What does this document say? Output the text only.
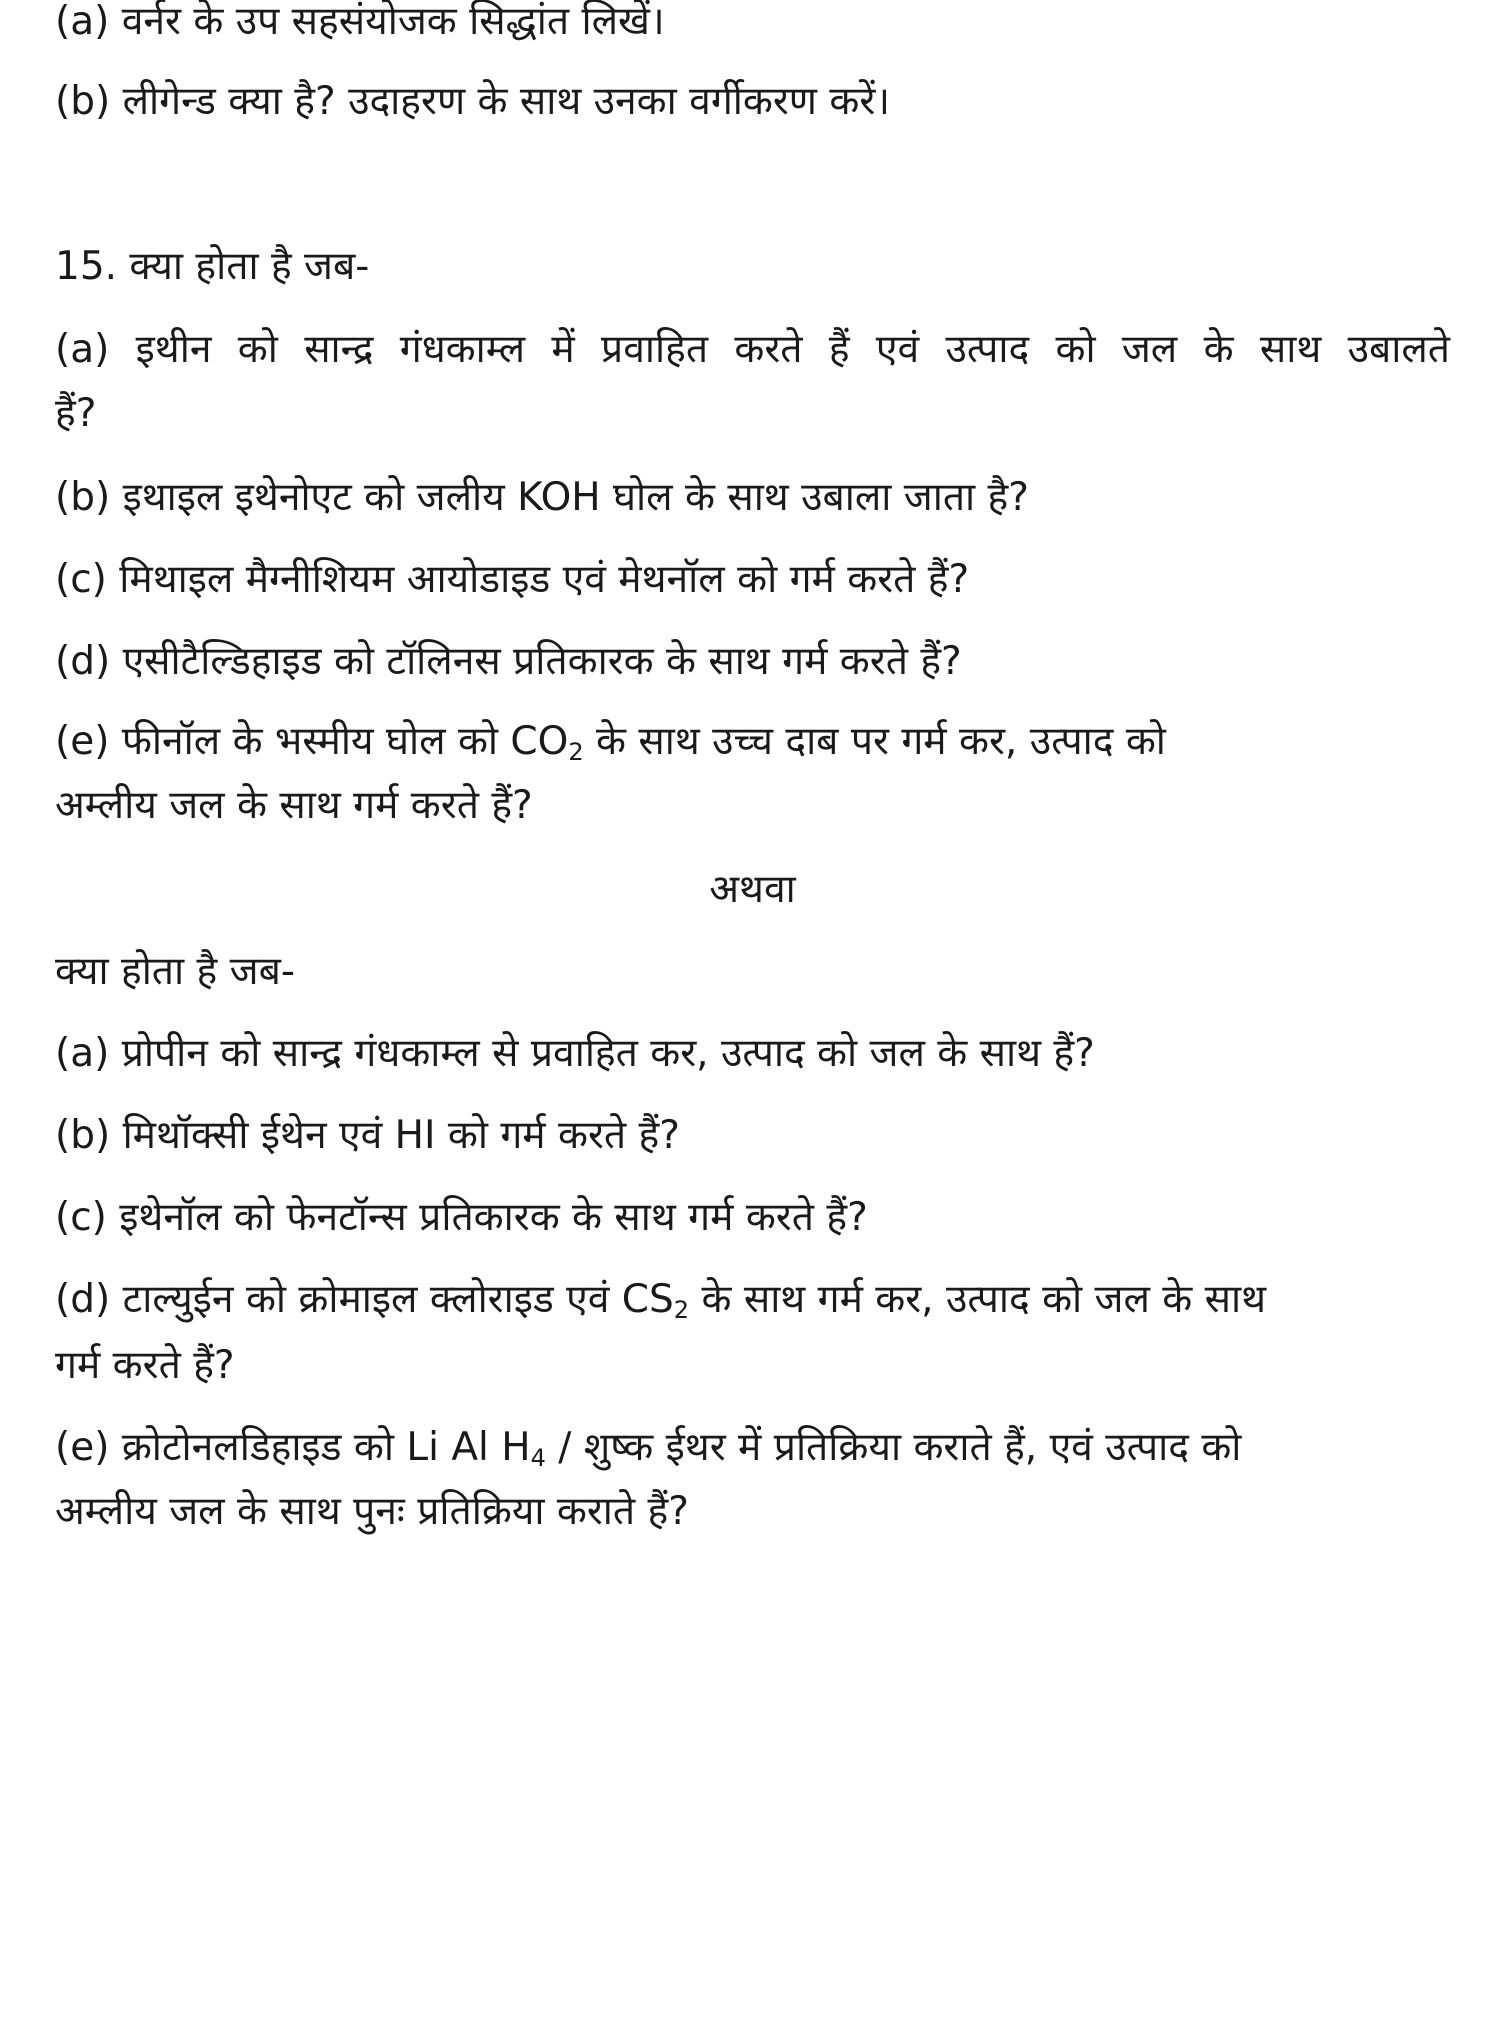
(a) वर्नर के उप सहसंयोजक सिद्धांत लिखें।
(b) लीगेन्ड क्या है? उदाहरण के साथ उनका वर्गीकरण करें।
15. क्या होता है जब-
(a) इथीन को सान्द्र गंधकाम्ल में प्रवाहित करते हैं एवं उत्पाद को जल के साथ उबालते
हैं?
(b) इथाइल इथेनोएट को जलीय KOH घोल के साथ उबाला जाता है?
(c) मिथाइल मैग्नीशियम आयोडाइड एवं मेथनॉल को गर्म करते हैं?
(d) एसीटैल्डिहाइड को टॉलिनस प्रतिकारक के साथ गर्म करते हैं?
(e) फीनॉल के भस्मीय घोल को $CO_2$ के साथ उच्च दाब पर गर्म कर, उत्पाद को
अम्लीय जल के साथ गर्म करते हैं?
अथवा
क्या होता है जब-
(a) प्रोपीन को सान्द्र गंधकाम्ल से प्रवाहित कर, उत्पाद को जल के साथ हैं?
(b) मिथॉक्सी ईथेन एवं HI को गर्म करते हैं?
(c) इथेनॉल को फेनटॉन्स प्रतिकारक के साथ गर्म करते हैं?
(d) टाल्युईन को क्रोमाइल क्लोराइड एवं $CS_2$ के साथ गर्म कर, उत्पाद को जल के साथ
गर्म करते हैं?
(e) क्रोटोनलडिहाइड को Li Al $H_4$ / शुष्क ईथर में प्रतिक्रिया कराते हैं, एवं उत्पाद को
अम्लीय जल के साथ पुनः प्रतिक्रिया कराते हैं?
